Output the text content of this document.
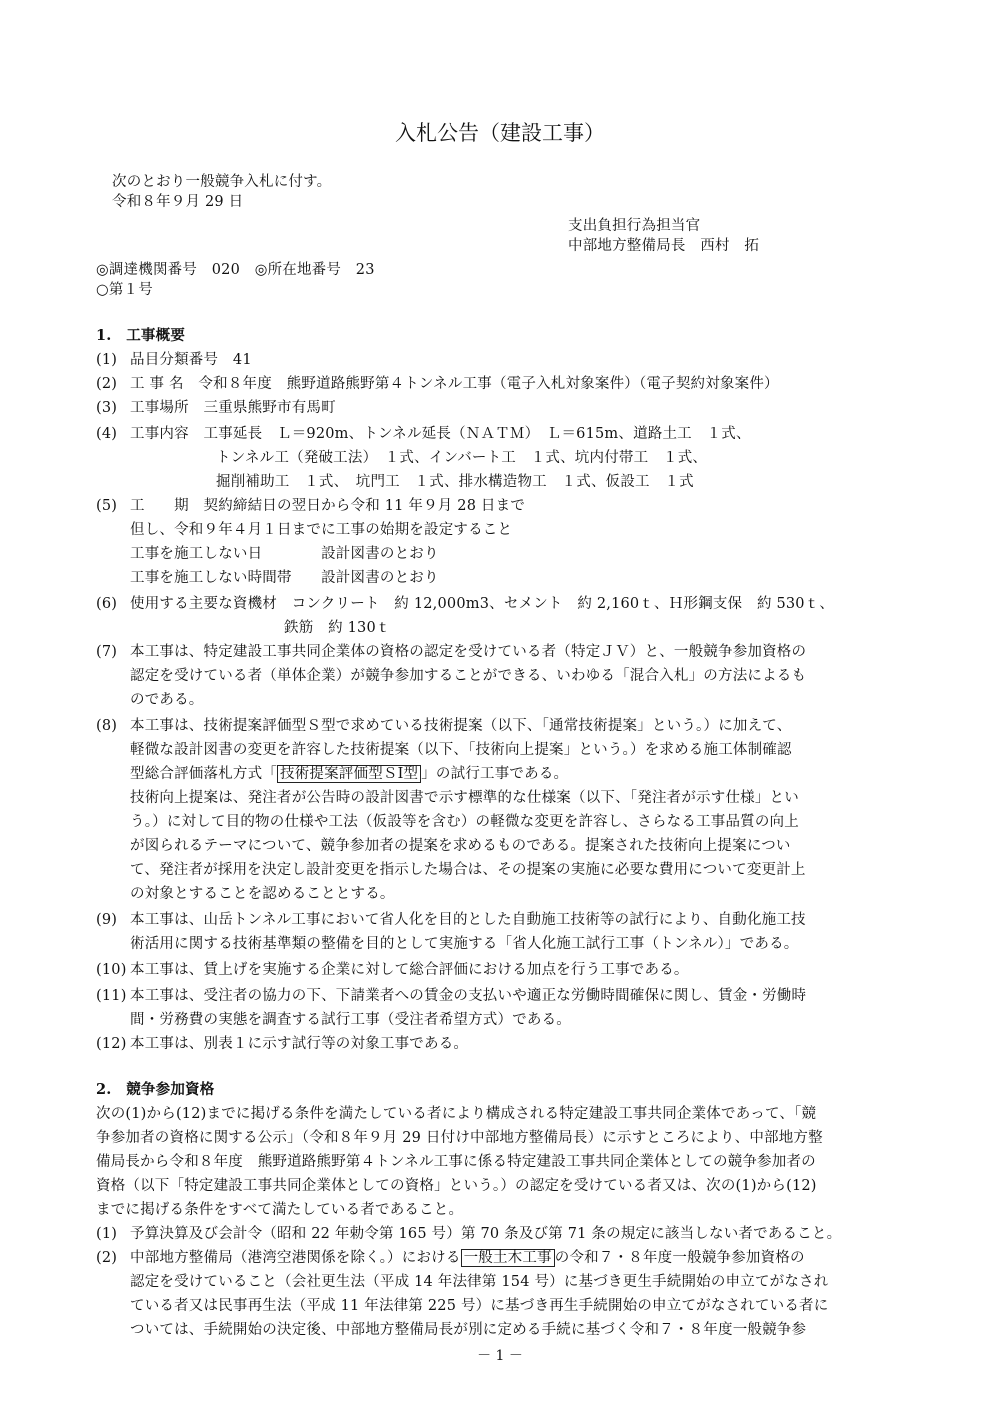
入札公告（建設工事）
次のとおり一般競争入札に付す。
令和８年９月 29 日
支出負担行為担当官
中部地方整備局長　西村　拓
◎調達機関番号　020　◎所在地番号　23
○第１号
1.　工事概要
(1) 品目分類番号　41
(2) 工 事 名　令和８年度　熊野道路熊野第４トンネル工事（電子入札対象案件）（電子契約対象案件）
(3) 工事場所　三重県熊野市有馬町
(4) 工事内容　工事延長　Ｌ＝920m、トンネル延長（ＮＡＴＭ）　Ｌ＝615m、道路土工　１式、
トンネル工（発破工法）　１式、インバート工　１式、坑内付帯工　１式、
掘削補助工　１式、　坑門工　１式、排水構造物工　１式、仮設工　１式
(5) 工　　期　契約締結日の翌日から令和 11 年９月 28 日まで
但し、令和９年４月１日までに工事の始期を設定すること
工事を施工しない日　　　　設計図書のとおり
工事を施工しない時間帯　　設計図書のとおり
(6) 使用する主要な資機材　コンクリート　約 12,000m3、セメント　約 2,160ｔ、Ｈ形鋼支保　約 530ｔ、
鉄筋　約 130ｔ
(7) 本工事は、特定建設工事共同企業体の資格の認定を受けている者（特定ＪＶ）と、一般競争参加資格の
認定を受けている者（単体企業）が競争参加することができる、いわゆる「混合入札」の方法によるも
のである。
(8) 本工事は、技術提案評価型Ｓ型で求めている技術提案（以下、「通常技術提案」という。）に加えて、
軽微な設計図書の変更を許容した技術提案（以下、「技術向上提案」という。）を求める施工体制確認
型総合評価落札方式「 技術提案評価型ＳⅠ型 」の試行工事である。
技術向上提案は、発注者が公告時の設計図書で示す標準的な仕様案（以下、「発注者が示す仕様」とい
う。）に対して目的物の仕様や工法（仮設等を含む）の軽微な変更を許容し、さらなる工事品質の向上
が図られるテーマについて、競争参加者の提案を求めるものである。提案された技術向上提案につい
て、発注者が採用を決定し設計変更を指示した場合は、その提案の実施に必要な費用について変更計上
の対象とすることを認めることとする。
(9) 本工事は、山岳トンネル工事において省人化を目的とした自動施工技術等の試行により、自動化施工技
術活用に関する技術基準類の整備を目的として実施する「省人化施工試行工事（トンネル）」である。
(10) 本工事は、賃上げを実施する企業に対して総合評価における加点を行う工事である。
(11) 本工事は、受注者の協力の下、下請業者への賃金の支払いや適正な労働時間確保に関し、賃金・労働時
間・労務費の実態を調査する試行工事（受注者希望方式）である。
(12) 本工事は、別表１に示す試行等の対象工事である。
2.　競争参加資格
次の(1)から(12)までに掲げる条件を満たしている者により構成される特定建設工事共同企業体であって、「競
争参加者の資格に関する公示」（令和８年９月 29 日付け中部地方整備局長）に示すところにより、中部地方整
備局長から令和８年度　熊野道路熊野第４トンネル工事に係る特定建設工事共同企業体としての競争参加者の
資格（以下「特定建設工事共同企業体としての資格」という。）の認定を受けている者又は、次の(1)から(12)
までに掲げる条件をすべて満たしている者であること。
(1) 予算決算及び会計令（昭和 22 年勅令第 165 号）第 70 条及び第 71 条の規定に該当しない者であること。
(2) 中部地方整備局（港湾空港関係を除く。）における 一般土木工事 の令和７・８年度一般競争参加資格の
認定を受けていること（会社更生法（平成 14 年法律第 154 号）に基づき更生手続開始の申立てがなされ
ている者又は民事再生法（平成 11 年法律第 225 号）に基づき再生手続開始の申立てがなされている者に
ついては、手続開始の決定後、中部地方整備局長が別に定める手続に基づく令和７・８年度一般競争参
－ 1 －
